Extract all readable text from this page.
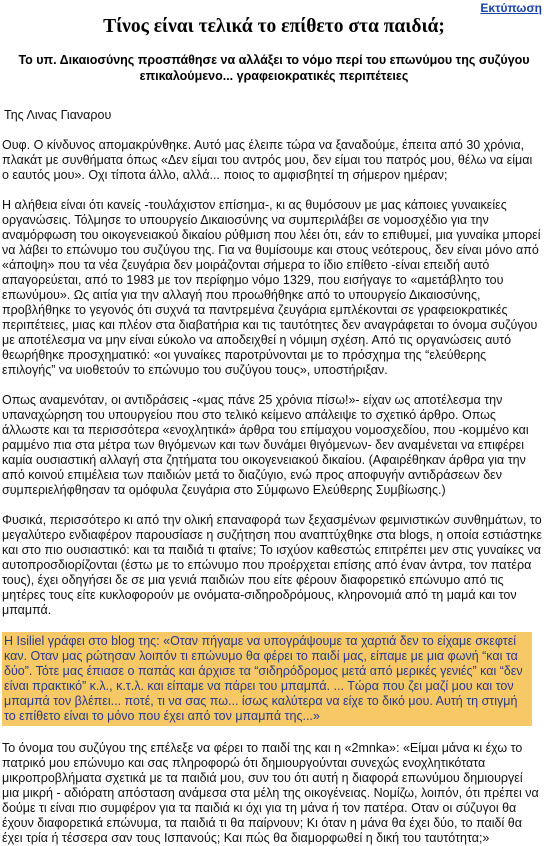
Εκτύπωση
Τίνος είναι τελικά το επίθετο στα παιδιά;
Το υπ. Δικαιοσύνης προσπάθησε να αλλάξει το νόμο περί του επωνύμου της συζύγου επικαλούμενο... γραφειοκρατικές περιπέτειες
Της Λινας Γιαναρου

Ουφ. Ο κίνδυνος απομακρύνθηκε. Αυτό μας έλειπε τώρα να ξαναδούμε, έπειτα από 30 χρόνια, πλακάτ με συνθήματα όπως «Δεν είμαι του αντρός μου, δεν είμαι του πατρός μου, θέλω να είμαι ο εαυτός μου». Οχι τίποτα άλλο, αλλά... ποιος το αμφισβητεί τη σήμερον ημέραν;

Η αλήθεια είναι ότι κανείς -τουλάχιστον επίσημα-, κι ας θυμόσουν με μας κάποιες γυναικείες οργανώσεις. Τόλμησε το υπουργείο Δικαιοσύνης να συμπεριλάβει σε νομοσχέδιο για την αναμόρφωση του οικογενειακού δικαίου ρύθμιση που λέει ότι, εάν το επιθυμεί, μια γυναίκα μπορεί να λάβει το επώνυμο του συζύγου της. Για να θυμίσουμε και στους νεότερους, δεν είναι μόνο από «άποψη» που τα νέα ζευγάρια δεν μοιράζονται σήμερα το ίδιο επίθετο -είναι επειδή αυτό απαγορεύεται, από το 1983 με τον περίφημο νόμο 1329, που εισήγαγε το «αμετάβλητο του επωνύμου». Ως αιτία για την αλλαγή που προωθήθηκε από το υπουργείο Δικαιοσύνης, προβλήθηκε το γεγονός ότι συχνά τα παντρεμένα ζευγάρια εμπλέκονται σε γραφειοκρατικές περιπέτειες, μιας και πλέον στα διαβατήρια και τις ταυτότητες δεν αναγράφεται το όνομα συζύγου με αποτέλεσμα να μην είναι εύκολο να αποδειχθεί η νόμιμη σχέση. Από τις οργανώσεις αυτό θεωρήθηκε προσχηματικό: «οι γυναίκες παροτρύνονται με το πρόσχημα της “ελεύθερης επιλογής” να υιοθετούν το επώνυμο του συζύγου τους», υποστήριξαν.

Οπως αναμενόταν, οι αντιδράσεις -«μας πάνε 25 χρόνια πίσω!»- είχαν ως αποτέλεσμα την υπαναχώρηση του υπουργείου που στο τελικό κείμενο απάλειψε το σχετικό άρθρο. Οπως άλλωστε και τα περισσότερα «ενοχλητικά» άρθρα του επίμαχου νομοσχεδίου, που -κομμένο και ραμμένο πια στα μέτρα των θιγόμενων και των δυνάμει θιγόμενων- δεν αναμένεται να επιφέρει καμία ουσιαστική αλλαγή στα ζητήματα του οικογενειακού δικαίου. (Αφαιρέθηκαν άρθρα για την από κοινού επιμέλεια των παιδιών μετά το διαζύγιο, ενώ προς αποφυγήν αντιδράσεων δεν συμπεριελήφθησαν τα ομόφυλα ζευγάρια στο Σύμφωνο Ελεύθερης Συμβίωσης.)

Φυσικά, περισσότερο κι από την ολική επαναφορά των ξεχασμένων φεμινιστικών συνθημάτων, το μεγαλύτερο ενδιαφέρον παρουσίασε η συζήτηση που αναπτύχθηκε στα blogs, η οποία εστιάστηκε και στο πιο ουσιαστικό: και τα παιδιά τι φταίνε; Το ισχύον καθεστώς επιτρέπει μεν στις γυναίκες να αυτοπροσδιορίζονται (έστω με το επώνυμο που προέρχεται επίσης από έναν άντρα, τον πατέρα τους), έχει οδηγήσει δε σε μια γενιά παιδιών που είτε φέρουν διαφορετικό επώνυμο από τις μητέρες τους είτε κυκλοφορούν με ονόματα-σιδηροδρόμους, κληρονομιά από τη μαμά και τον μπαμπά.

Η Isiliel γράφει στο blog της: «Οταν πήγαμε να υπογράψουμε τα χαρτιά δεν το είχαμε σκεφτεί καν. Οταν μας ρώτησαν λοιπόν τι επώνυμο θα φέρει το παιδί μας, είπαμε με μια φωνή “και τα δύο”. Τότε μας έπιασε ο παπάς και άρχισε τα “σιδηρόδρομος μετά από μερικές γενιές” και “δεν είναι πρακτικό” κ.λ., κ.τ.λ. και είπαμε να πάρει του μπαμπά. ... Τώρα που ζει μαζί μου και τον μπαμπά τον βλέπει... ποτέ, τι να σας πω... ίσως καλύτερα να είχε το δικό μου. Αυτή τη στιγμή το επίθετο είναι το μόνο που έχει από τον μπαμπά της...»

Το όνομα του συζύγου της επέλεξε να φέρει το παιδί της και η «2mnka»: «Είμαι μάνα κι έχω το πατρικό μου επώνυμο και σας πληροφορώ ότι δημιουργούνται συνεχώς ενοχλητικότατα μικροπροβλήματα σχετικά με τα παιδιά μου, συν του ότι αυτή η διαφορά επωνύμου δημιουργεί μια μικρή - αδιόρατη απόσταση ανάμεσα στα μέλη της οικογένειας. Νομίζω, λοιπόν, ότι πρέπει να δούμε τι είναι πιο συμφέρον για τα παιδιά κι όχι για τη μάνα ή τον πατέρα. Οταν οι σύζυγοι θα έχουν διαφορετικά επώνυμα, τα παιδιά τι θα παίρνουν; Κι όταν η μάνα θα έχει δύο, το παιδί θα έχει τρία ή τέσσερα σαν τους Ισπανούς; Και πώς θα διαμορφωθεί η δική του ταυτότητα;»
